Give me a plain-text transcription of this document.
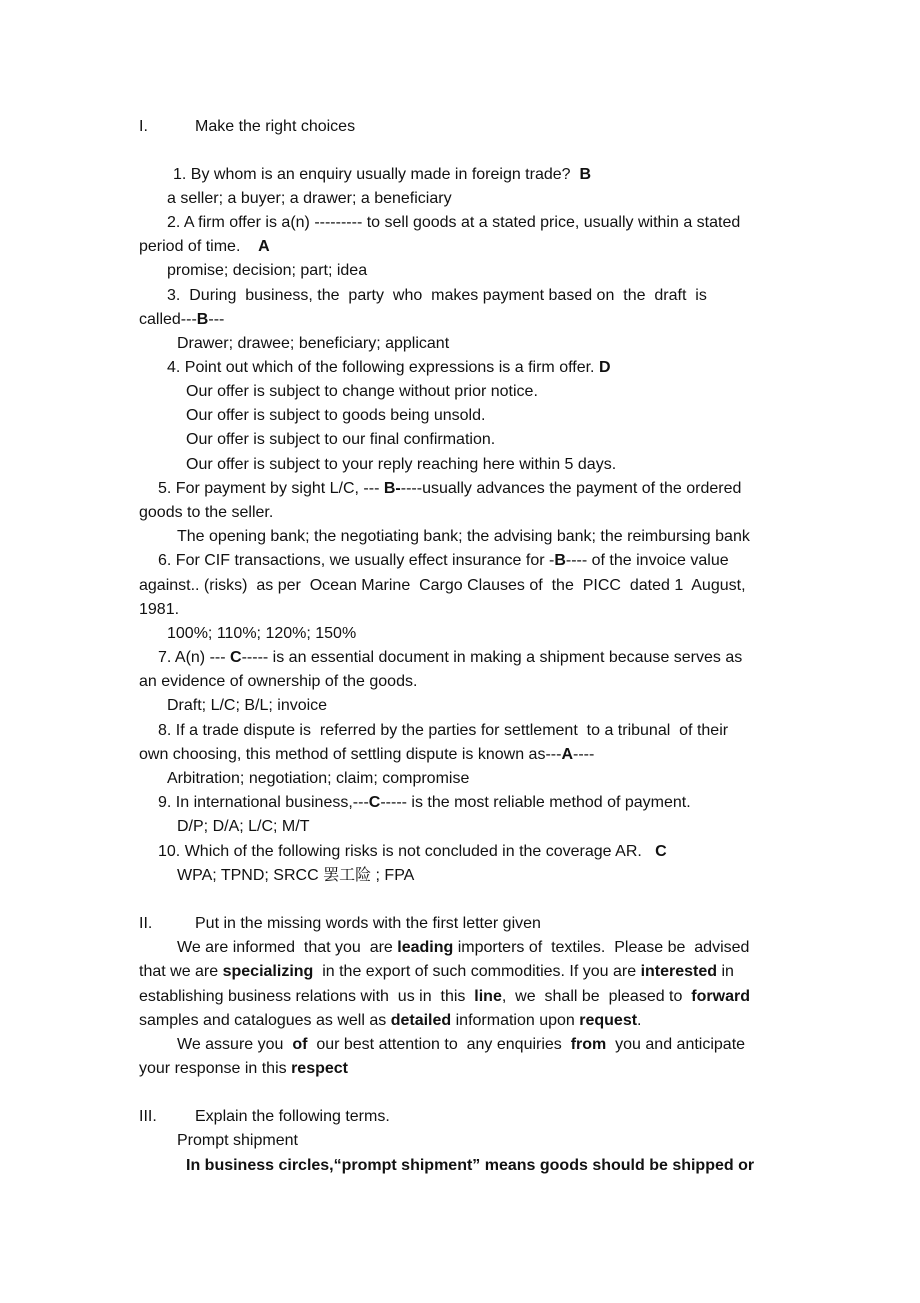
I.	Make the right choices
1. By whom is an enquiry usually made in foreign trade? B
a seller; a buyer; a drawer; a beneficiary
2. A firm offer is a(n) --------- to sell goods at a stated price, usually within a stated
period of time. A
promise; decision; part; idea
3.  During  business, the  party  who  makes payment based on  the  draft  is
called---B---
Drawer; drawee; beneficiary; applicant
4. Point out which of the following expressions is a firm offer. D
Our offer is subject to change without prior notice.
Our offer is subject to goods being unsold.
Our offer is subject to our final confirmation.
Our offer is subject to your reply reaching here within 5 days.
5. For payment by sight L/C, --- B-----usually advances the payment of the ordered
goods to the seller.
The opening bank; the negotiating bank; the advising bank; the reimbursing bank
6. For CIF transactions, we usually effect insurance for -B---- of the invoice value
against.. (risks)  as per  Ocean Marine  Cargo Clauses of  the  PICC  dated 1  August,
1981.
100%; 110%; 120%; 150%
7. A(n) --- C----- is an essential document in making a shipment because serves as
an evidence of ownership of the goods.
Draft; L/C; B/L; invoice
8. If a trade dispute is  referred by the parties for settlement  to a tribunal  of their
own choosing, this method of settling dispute is known as---A----
Arbitration; negotiation; claim; compromise
9. In international business,---C----- is the most reliable method of payment.
D/P; D/A; L/C; M/T
10. Which of the following risks is not concluded in the coverage AR. C
WPA; TPND; SRCC 罢工险 ; FPA
II.	Put in the missing words with the first letter given
We are informed  that you  are leading importers of  textiles.  Please be  advised
that we are specializing  in the export of such commodities. If you are interested in
establishing business relations with  us in  this  line,  we  shall be  pleased to  forward
samples and catalogues as well as detailed information upon request.
We assure you  of  our best attention to  any enquiries  from  you and anticipate
your response in this respect
III. Explain the following terms.
Prompt shipment
In business circles,“prompt shipment” means goods should be shipped or
